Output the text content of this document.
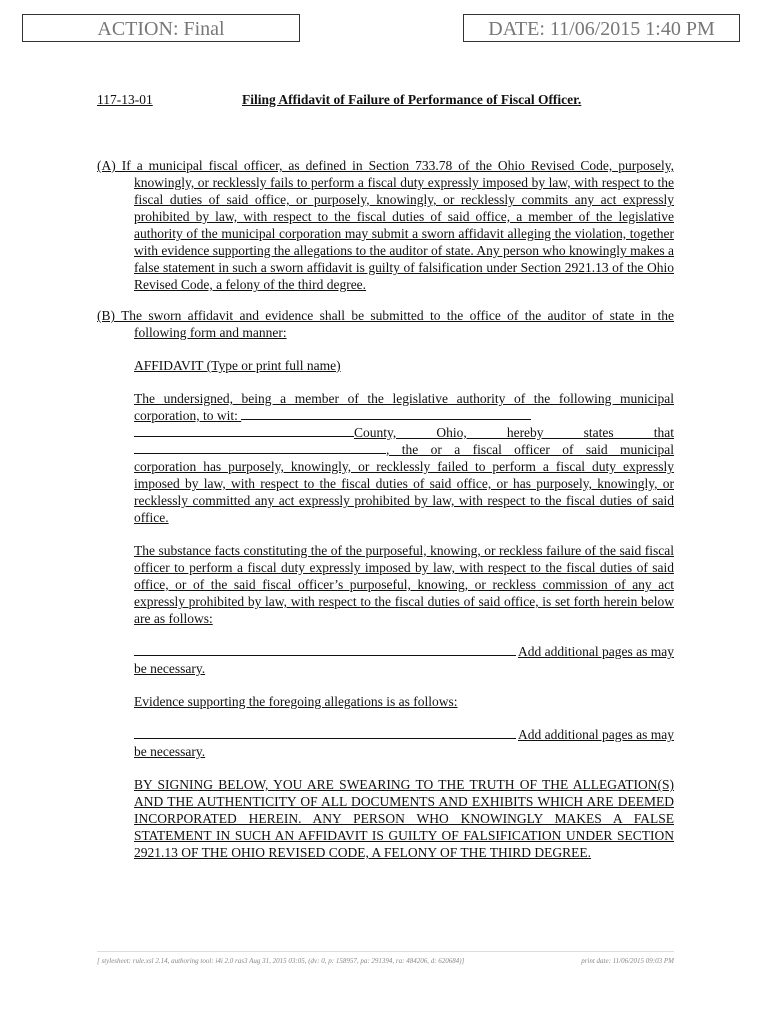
ACTION: Final	DATE: 11/06/2015 1:40 PM
117-13-01	Filing Affidavit of Failure of Performance of Fiscal Officer.

(A) If a municipal fiscal officer, as defined in Section 733.78 of the Ohio Revised Code, purposely, knowingly, or recklessly fails to perform a fiscal duty expressly imposed by law, with respect to the fiscal duties of said office, or purposely, knowingly, or recklessly commits any act expressly prohibited by law, with respect to the fiscal duties of said office, a member of the legislative authority of the municipal corporation may submit a sworn affidavit alleging the violation, together with evidence supporting the allegations to the auditor of state. Any person who knowingly makes a false statement in such a sworn affidavit is guilty of falsification under Section 2921.13 of the Ohio Revised Code, a felony of the third degree.

(B) The sworn affidavit and evidence shall be submitted to the office of the auditor of state in the following form and manner:

AFFIDAVIT (Type or print full name)

The undersigned, being a member of the legislative authority of the following municipal corporation, to wit:
County, Ohio, hereby states that
, the or a fiscal officer of said municipal
corporation has purposely, knowingly, or recklessly failed to perform a fiscal duty expressly imposed by law, with respect to the fiscal duties of said office, or has purposely, knowingly, or recklessly committed any act expressly prohibited by law, with respect to the fiscal duties of said office.

The substance facts constituting the of the purposeful, knowing, or reckless failure of the said fiscal officer to perform a fiscal duty expressly imposed by law, with respect to the fiscal duties of said office, or of the said fiscal officer’s purposeful, knowing, or reckless commission of any act expressly prohibited by law, with respect to the fiscal duties of said office, is set forth herein below are as follows:

Add additional pages as may
be necessary.

Evidence supporting the foregoing allegations is as follows:

Add additional pages as may
be necessary.

BY SIGNING BELOW, YOU ARE SWEARING TO THE TRUTH OF THE ALLEGATION(S) AND THE AUTHENTICITY OF ALL DOCUMENTS AND EXHIBITS WHICH ARE DEEMED INCORPORATED HEREIN. ANY PERSON WHO KNOWINGLY MAKES A FALSE STATEMENT IN SUCH AN AFFIDAVIT IS GUILTY OF FALSIFICATION UNDER SECTION 2921.13 OF THE OHIO REVISED CODE, A FELONY OF THE THIRD DEGREE.

[ stylesheet: rule.xsl 2.14, authoring tool: i4i 2.0 ras3 Aug 31, 2015 03:05, (dv: 0, p: 158957, pa: 291394, ra: 484206, d: 620684)]	print date: 11/06/2015 09:03 PM
